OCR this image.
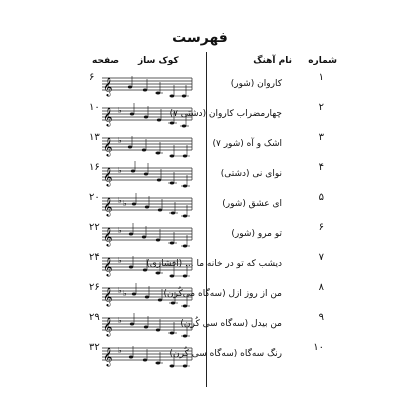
فهرست
شماره
نام آهنگ
کوک ساز
صفحه
۱
کاروان (شور)
𝄞
۶
۲
چهارمضراب کاروان (دشتی ۷)
𝄞 ♭
۱۰
۳
اشک و آه (شور ۷)
𝄞 ♭
۱۳
۴
نوای نی (دشتی)
𝄞 ♭
۱۶
۵
ای عشق (شور)
𝄞 ♭ ♭
۲۰
۶
تو مرو (شور)
𝄞 ♭
۲۲
۷
دیشب که تو در خانه ما ... (افشاری)
𝄞 ♭
۲۴
۸
من از روز ازل (سه‌گاه می‌کُرن)
𝄞 ♭ ♭
۲۶
۹
من بیدل (سه‌گاه سی کُرن)
𝄞 ♭
۲۹
۱۰
رنگ سه‌گاه (سه‌گاه سی کُرن)
𝄞 ♭
۳۲
